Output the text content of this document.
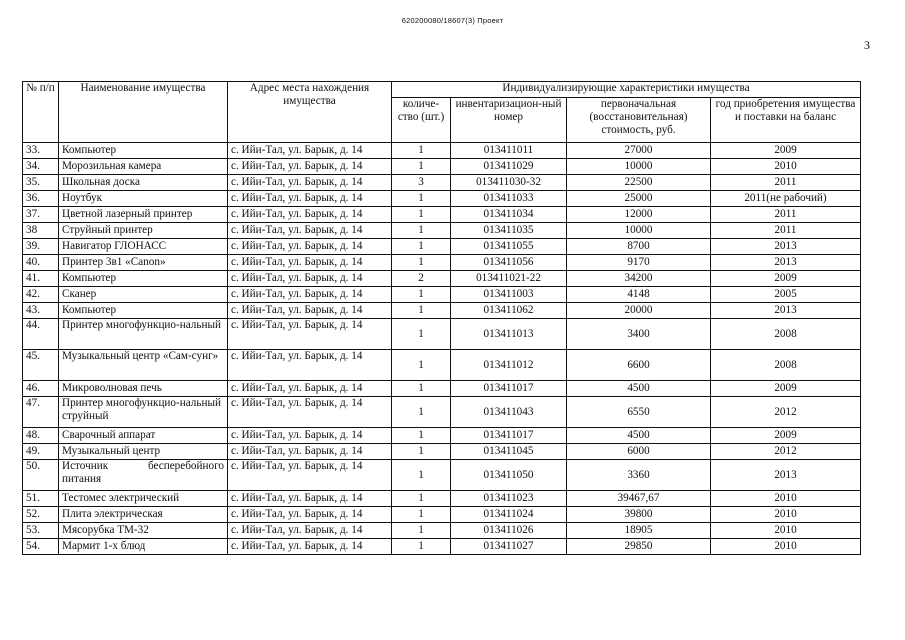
620200080/18607(3) Проект
3
№ п/п	Наименование имущества	Адрес места нахождения имущества	Индивидуализирующие характеристики имущества			
			количе-ство (шт.)	инвентаризацион-ный номер	первоначальная (восстановительная) стоимость, руб.	год приобретения имущества и поставки на баланс
33.	Компьютер	с. Ийи-Тал, ул. Барык, д. 14	1	013411011	27000	2009
34.	Морозильная камера	с. Ийи-Тал, ул. Барык, д. 14	1	013411029	10000	2010
35.	Школьная доска	с. Ийи-Тал, ул. Барык, д. 14	3	013411030-32	22500	2011
36.	Ноутбук	с. Ийи-Тал, ул. Барык, д. 14	1	013411033	25000	2011(не рабочий)
37.	Цветной лазерный принтер	с. Ийи-Тал, ул. Барык, д. 14	1	013411034	12000	2011
38	Струйный принтер	с. Ийи-Тал, ул. Барык, д. 14	1	013411035	10000	2011
39.	Навигатор ГЛОНАСС	с. Ийи-Тал, ул. Барык, д. 14	1	013411055	8700	2013
40.	Принтер 3в1 «Canon»	с. Ийи-Тал, ул. Барык, д. 14	1	013411056	9170	2013
41.	Компьютер	с. Ийи-Тал, ул. Барык, д. 14	2	013411021-22	34200	2009
42.	Сканер	с. Ийи-Тал, ул. Барык, д. 14	1	013411003	4148	2005
43.	Компьютер	с. Ийи-Тал, ул. Барык, д. 14	1	013411062	20000	2013
44.	Принтер многофункцио-нальный	с. Ийи-Тал, ул. Барык, д. 14	1	013411013	3400	2008
45.	Музыкальный центр «Сам-сунг»	с. Ийи-Тал, ул. Барык, д. 14	1	013411012	6600	2008
46.	Микроволновая печь	с. Ийи-Тал, ул. Барык, д. 14	1	013411017	4500	2009
47.	Принтер многофункцио-нальный струйный	с. Ийи-Тал, ул. Барык, д. 14	1	013411043	6550	2012
48.	Сварочный аппарат	с. Ийи-Тал, ул. Барык, д. 14	1	013411017	4500	2009
49.	Музыкальный центр	с. Ийи-Тал, ул. Барык, д. 14	1	013411045	6000	2012
50.	Источник бесперебойного питания	с. Ийи-Тал, ул. Барык, д. 14	1	013411050	3360	2013
51.	Тестомес электрический	с. Ийи-Тал, ул. Барык, д. 14	1	013411023	39467,67	2010
52.	Плита электрическая	с. Ийи-Тал, ул. Барык, д. 14	1	013411024	39800	2010
53.	Мясорубка ТМ-32	с. Ийи-Тал, ул. Барык, д. 14	1	013411026	18905	2010
54.	Мармит 1-х блюд	с. Ийи-Тал, ул. Барык, д. 14	1	013411027	29850	2010
